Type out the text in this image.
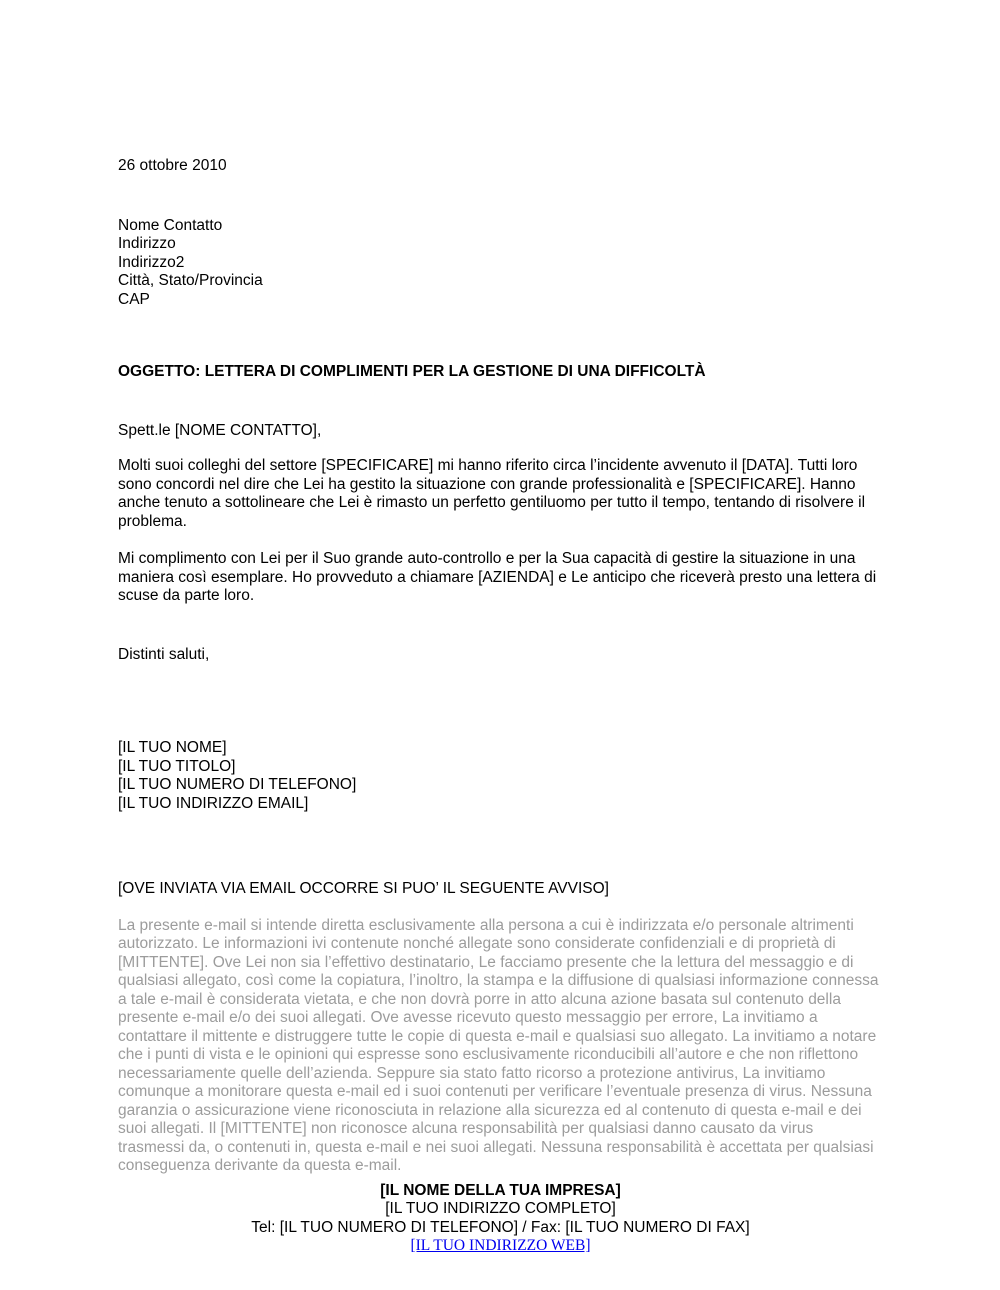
26 ottobre 2010
Nome Contatto
Indirizzo
Indirizzo2
Città, Stato/Provincia
CAP
OGGETTO: LETTERA DI COMPLIMENTI PER LA GESTIONE DI UNA DIFFICOLTÀ
Spett.le [NOME CONTATTO],

Molti suoi colleghi del settore [SPECIFICARE] mi hanno riferito circa l’incidente avvenuto il [DATA]. Tutti loro sono concordi nel dire che Lei ha gestito la situazione con grande professionalità e [SPECIFICARE]. Hanno anche tenuto a sottolineare che Lei è rimasto un perfetto gentiluomo per tutto il tempo, tentando di risolvere il problema.

Mi complimento con Lei per il Suo grande auto-controllo e per la Sua capacità di gestire la situazione in una maniera così esemplare. Ho provveduto a chiamare [AZIENDA] e Le anticipo che riceverà presto una lettera di scuse da parte loro.

Distinti saluti,
[IL TUO NOME]
[IL TUO TITOLO]
[IL TUO NUMERO DI TELEFONO]
[IL TUO INDIRIZZO EMAIL]
[OVE INVIATA VIA EMAIL OCCORRE SI PUO’ IL SEGUENTE AVVISO]

La presente e-mail si intende diretta esclusivamente alla persona a cui è indirizzata e/o personale altrimenti autorizzato. Le informazioni ivi contenute nonché allegate sono considerate confidenziali e di proprietà di [MITTENTE]. Ove Lei non sia l’effettivo destinatario, Le facciamo presente che la lettura del messaggio e di qualsiasi allegato, così come la copiatura, l’inoltro, la stampa e la diffusione di qualsiasi informazione connessa a tale e-mail è considerata vietata, e che non dovrà porre in atto alcuna azione basata sul contenuto della presente e-mail e/o dei suoi allegati. Ove avesse ricevuto questo messaggio per errore, La invitiamo a contattare il mittente e distruggere tutte le copie di questa e-mail e qualsiasi suo allegato. La invitiamo a notare che i punti di vista e le opinioni qui espresse sono esclusivamente riconducibili all’autore e che non riflettono necessariamente quelle dell’azienda. Seppure sia stato fatto ricorso a protezione antivirus, La invitiamo comunque a monitorare questa e-mail ed i suoi contenuti per verificare l’eventuale presenza di virus. Nessuna garanzia o assicurazione viene riconosciuta in relazione alla sicurezza ed al contenuto di questa e-mail e dei suoi allegati. Il [MITTENTE] non riconosce alcuna responsabilità per qualsiasi danno causato da virus trasmessi da, o contenuti in, questa e-mail e nei suoi allegati. Nessuna responsabilità è accettata per qualsiasi conseguenza derivante da questa e-mail.

[IL NOME DELLA TUA IMPRESA]
[IL TUO INDIRIZZO COMPLETO]
Tel: [IL TUO NUMERO DI TELEFONO] / Fax: [IL TUO NUMERO DI FAX]
[IL TUO INDIRIZZO WEB]
